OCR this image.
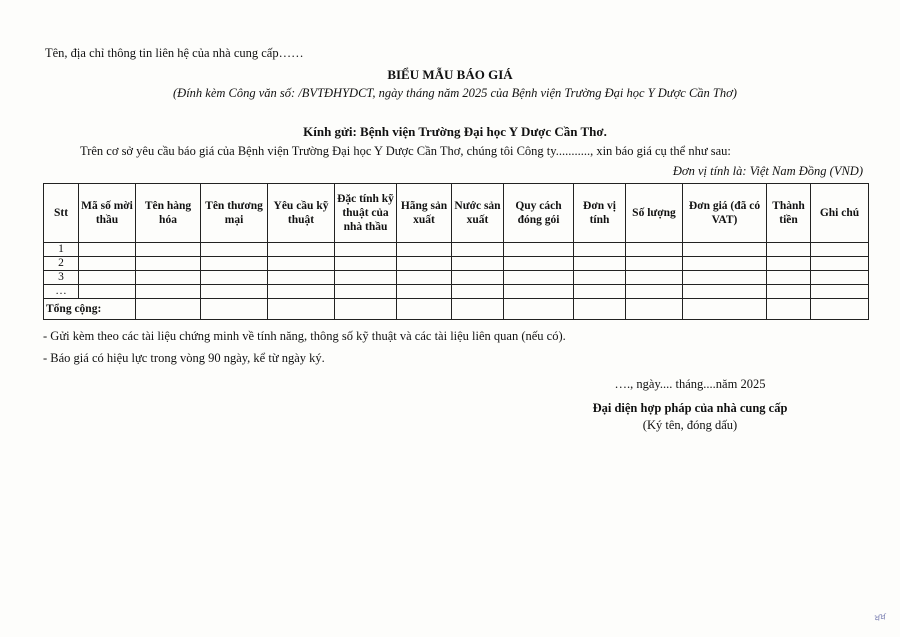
Tên, địa chỉ thông tin liên hệ của nhà cung cấp……
BIỂU MẪU BÁO GIÁ
(Đính kèm Công văn số: /BVTĐHYDCT, ngày tháng năm 2025 của Bệnh viện Trường Đại học Y Dược Cần Thơ)
Kính gửi: Bệnh viện Trường Đại học Y Dược Cần Thơ.
Trên cơ sở yêu cầu báo giá của Bệnh viện Trường Đại học Y Dược Cần Thơ, chúng tôi Công ty..........., xin báo giá cụ thể như sau:
Đơn vị tính là: Việt Nam Đồng (VND)
Stt	Mã số mời thầu	Tên hàng hóa	Tên thương mại	Yêu cầu kỹ thuật	Đặc tính kỹ thuật của nhà thầu	Hãng sản xuất	Nước sản xuất	Quy cách đóng gói	Đơn vị tính	Số lượng	Đơn giá (đã có VAT)	Thành tiền	Ghi chú
1													
2													
3													
…													
Tổng cộng:													
- Gửi kèm theo các tài liệu chứng minh về tính năng, thông số kỹ thuật và các tài liệu liên quan (nếu có).
- Báo giá có hiệu lực trong vòng 90 ngày, kể từ ngày ký.
…., ngày.... tháng....năm 2025
Đại diện hợp pháp của nhà cung cấp
(Ký tên, đóng dấu)
ਖਖ
